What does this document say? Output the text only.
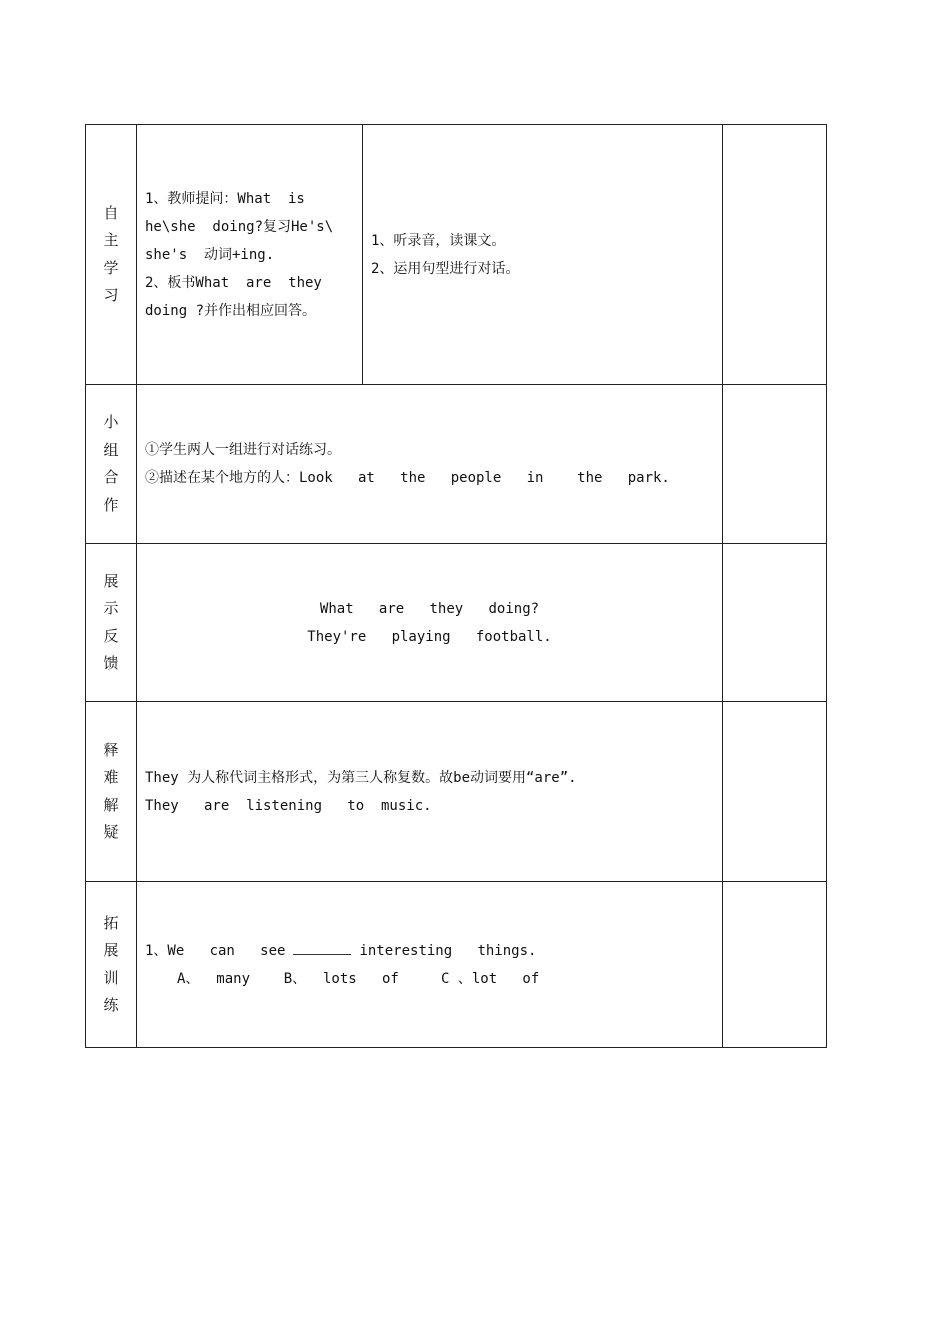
自
主
学
习	1、教师提问：What  is
he\she  doing?复习He's\
she's  动词+ing.
2、板书What  are  they
doing ?并作出相应回答。	1、听录音，读课文。
2、运用句型进行对话。	

小
组
合
作	①学生两人一组进行对话练习。
②描述在某个地方的人：Look   at   the   people   in    the   park.		

展
示
反
馈	What   are   they   doing?
They're   playing   football.		

释
难
解
疑	They 为人称代词主格形式，为第三人称复数。故be动词要用“are”.
They   are  listening   to  music.		

拓
展
训
练	1、We   can   see interesting   things.
A、  many    B、  lots   of     C 、lot   of		
